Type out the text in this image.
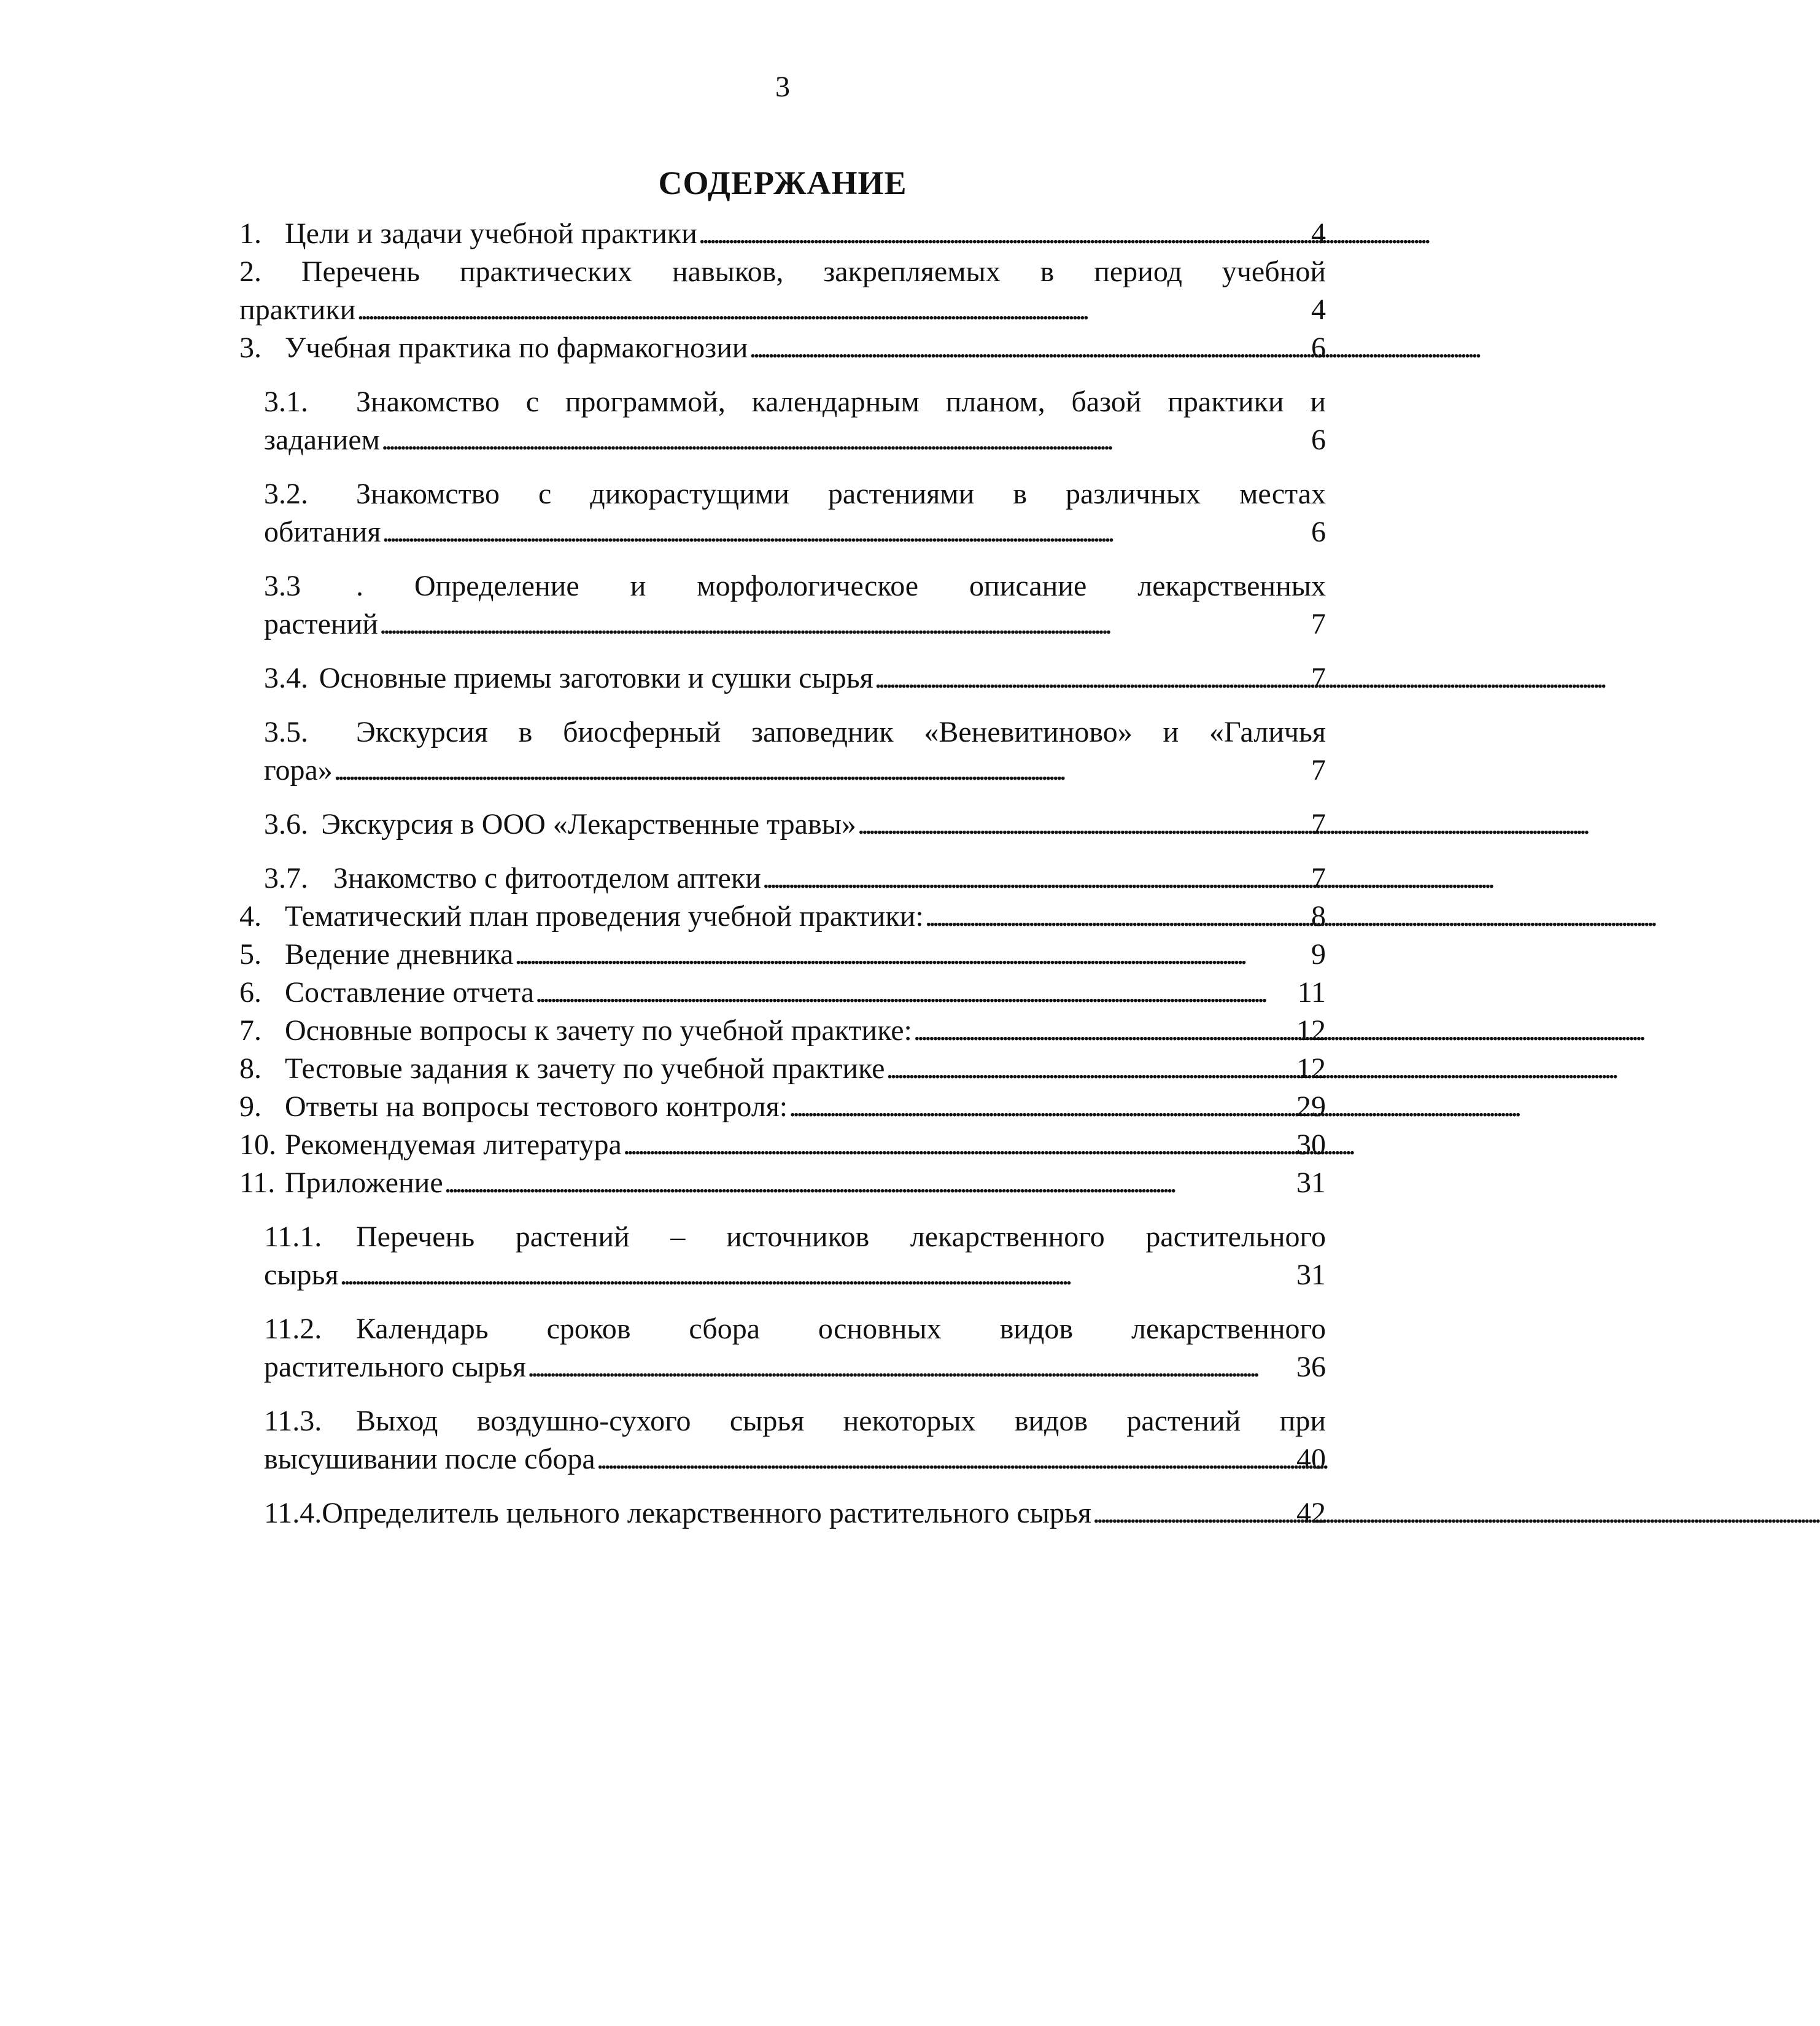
3
СОДЕРЖАНИЕ
1. Цели и задачи учебной практики . . .	4
2. Перечень практических навыков, закрепляемых в период учебной
практики . . .	4
3. Учебная практика по фармакогнозии . . .	6
3.1. Знакомство с программой, календарным планом, базой практики и
заданием . . .	6
3.2. Знакомство с дикорастущими растениями в различных местах
обитания . . .	6
3.3 . Определение и морфологическое описание лекарственных
растений . . .	7
3.4. Основные приемы заготовки и сушки сырья . . .	7
3.5. Экскурсия в биосферный заповедник «Веневитиново» и «Галичья
гора» . . .	7
3.6. Экскурсия в ООО «Лекарственные травы» . . .	7
3.7. Знакомство с фитоотделом аптеки . . .	7
4. Тематический план проведения учебной практики: . . .	8
5. Ведение дневника . . .	9
6. Составление отчета . . .	11
7. Основные вопросы к зачету по учебной практике: . . .	12
8. Тестовые задания к зачету по учебной практике . . .	12
9. Ответы на вопросы тестового контроля: . . .	29
10. Рекомендуемая литература . . .	30
11. Приложение . . .	31
11.1. Перечень растений – источников лекарственного растительного
сырья . . .	31
11.2. Календарь сроков сбора основных видов лекарственного
растительного сырья . . .	36
11.3. Выход воздушно-сухого сырья некоторых видов растений при
высушивании после сбора . . .	40
11.4. Определитель цельного лекарственного растительного сырья . . .	42
